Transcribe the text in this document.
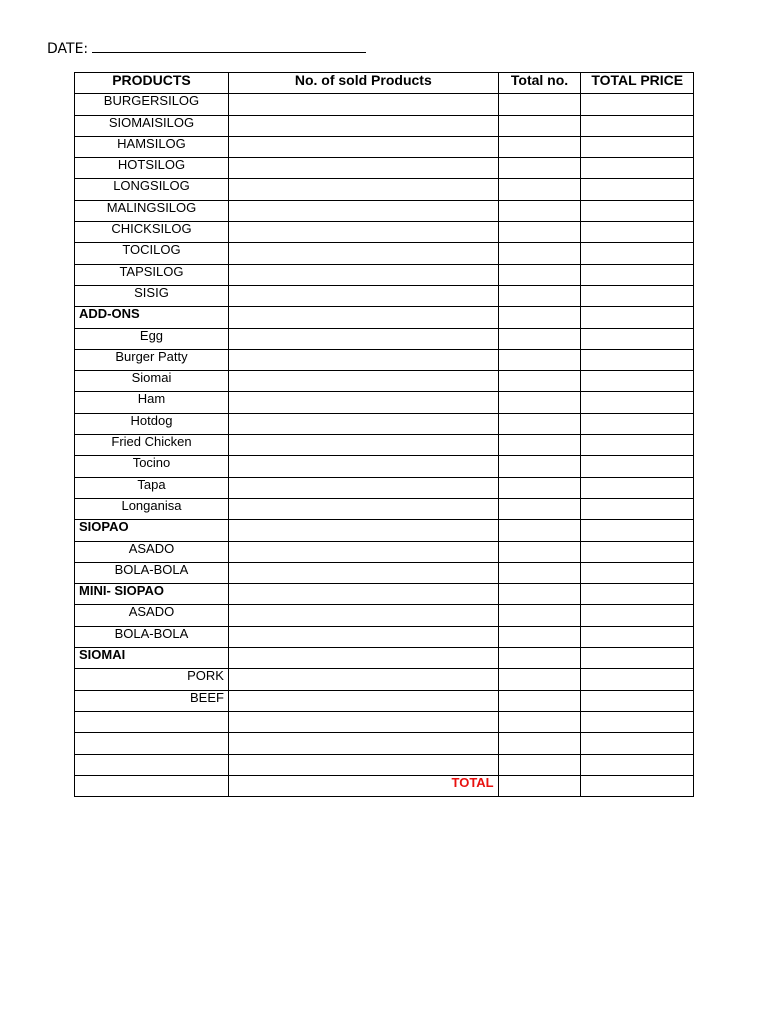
DATE:
PRODUCTS	No. of sold Products	Total no.	TOTAL PRICE
BURGERSILOG			
SIOMAISILOG			
HAMSILOG			
HOTSILOG			
LONGSILOG			
MALINGSILOG			
CHICKSILOG			
TOCILOG			
TAPSILOG			
SISIG			
ADD-ONS			
Egg			
Burger Patty			
Siomai			
Ham			
Hotdog			
Fried Chicken			
Tocino			
Tapa			
Longanisa			
SIOPAO			
ASADO			
BOLA-BOLA			
MINI- SIOPAO			
ASADO			
BOLA-BOLA			
SIOMAI			
PORK			
BEEF			

	TOTAL		
